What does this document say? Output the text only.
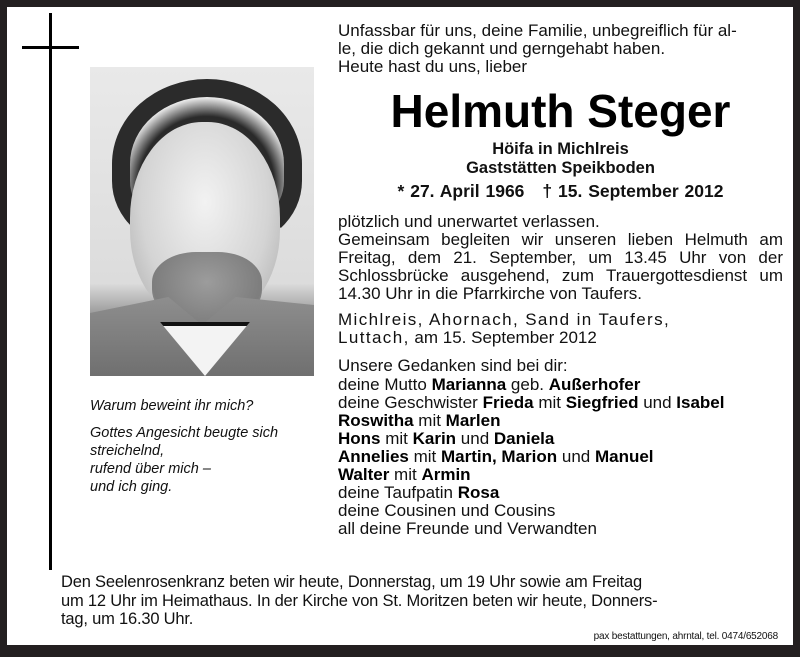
Warum beweint ihr mich?

Gottes Angesicht beugte sich
streichelnd,
rufend über mich –
und ich ging.

Unfassbar für uns, deine Familie, unbegreiflich für al-
le, die dich gekannt und gerngehabt haben.
Heute hast du uns, lieber

Helmuth Steger

Höifa in Michlreis

Gaststätten Speikboden

* 27. April 1966 † 15. September 2012

plötzlich und unerwartet verlassen.
Gemeinsam begleiten wir unseren lieben Helmuth am Freitag, dem 21. September, um 13.45 Uhr von der Schlossbrücke ausgehend, zum Trauergottesdienst um 14.30 Uhr in die Pfarrkirche von Taufers.

Michlreis, Ahornach, Sand in Taufers,
Luttach, am 15. September 2012

Unsere Gedanken sind bei dir:

deine Mutto Marianna geb. Außerhofer
deine Geschwister Frieda mit Siegfried und Isabel
Roswitha mit Marlen
Hons mit Karin und Daniela
Annelies mit Martin, Marion und Manuel
Walter mit Armin
deine Taufpatin Rosa
deine Cousinen und Cousins
all deine Freunde und Verwandten
Den Seelenrosenkranz beten wir heute, Donnerstag, um 19 Uhr sowie am Freitag
um 12 Uhr im Heimathaus. In der Kirche von St. Moritzen beten wir heute, Donners-
tag, um 16.30 Uhr.
pax bestattungen, ahrntal, tel. 0474/652068
